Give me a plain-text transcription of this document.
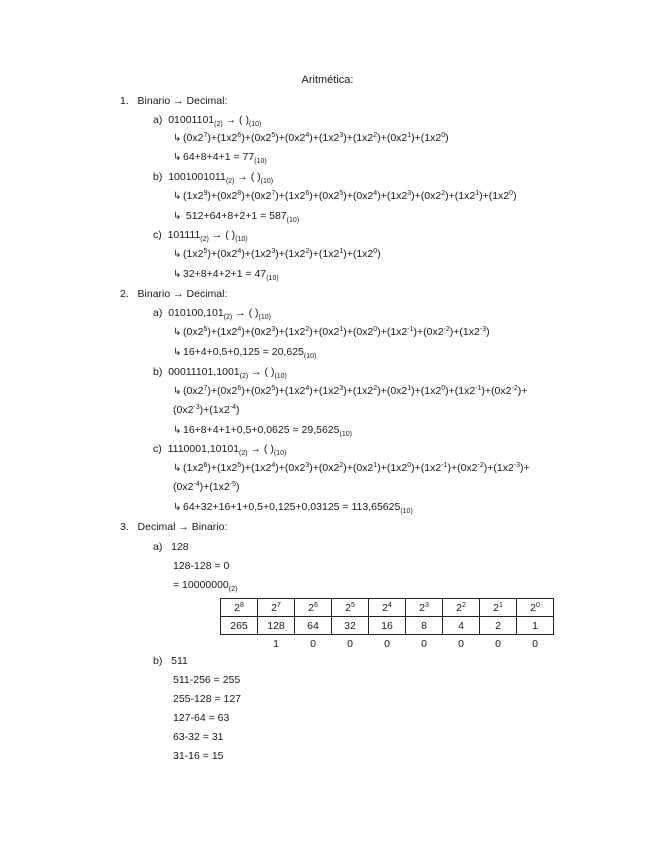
Aritmética:
1. Binario → Decimal:
a) $01001101_{(2)}$ → ( )$_{(10)}$
↳ $(0x2^7)+(1x2^6)+(0x2^5)+(0x2^4)+(1x2^3)+(1x2^2)+(0x2^1)+(1x2^0)$
↳ $64+8+4+1 = 77_{(10)}$
b) $1001001011_{(2)}$ → ( )$_{(10)}$
↳ $(1x2^9)+(0x2^8)+(0x2^7)+(1x2^6)+(0x2^5)+(0x2^4)+(1x2^3)+(0x2^2)+(1x2^1)+(1x2^0)$
↳ $512+64+8+2+1 = 587_{(10)}$
c) $101111_{(2)}$ → ( )$_{(10)}$
↳ $(1x2^5)+(0x2^4)+(1x2^3)+(1x2^2)+(1x2^1)+(1x2^0)$
↳ $32+8+4+2+1 = 47_{(10)}$
2. Binario → Decimal:
a) $010100,101_{(2)}$ → ( )$_{(10)}$
↳ $(0x2^5)+(1x2^4)+(0x2^3)+(1x2^2)+(0x2^1)+(0x2^0)+(1x2^{-1})+(0x2^{-2})+(1x2^{-3})$
↳ $16+4+0,5+0,125 = 20,625_{(10)}$
b) $00011101,1001_{(2)}$ → ( )$_{(10)}$
↳ $(0x2^7)+(0x2^6)+(0x2^5)+(1x2^4)+(1x2^3)+(1x2^2)+(0x2^1)+(1x2^0)+(1x2^{-1})+(0x2^{-2})+$
$(0x2^{-3})+(1x2^{-4})$
↳ $16+8+4+1+0,5+0,0625 = 29,5625_{(10)}$
c) $1110001,10101_{(2)}$ → ( )$_{(10)}$
↳ $(1x2^6)+(1x2^5)+(1x2^4)+(0x2^3)+(0x2^2)+(0x2^1)+(1x2^0)+(1x2^{-1})+(0x2^{-2})+(1x2^{-3})+$
$(0x2^{-4})+(1x2^{-5})$
↳ $64+32+16+1+0,5+0,125+0,03125 = 113,65625_{(10)}$
3. Decimal → Binario:
a) 128
128-128 = 0
= $10000000_{(2)}$
$2^8$	$2^7$	$2^6$	$2^5$	$2^4$	$2^3$	$2^2$	$2^1$	$2^0$
265	128	64	32	16	8	4	2	1
	1	0	0	0	0	0	0	0
b) 511
511-256 = 255
255-128 = 127
127-64 = 63
63-32 = 31
31-16 = 15
